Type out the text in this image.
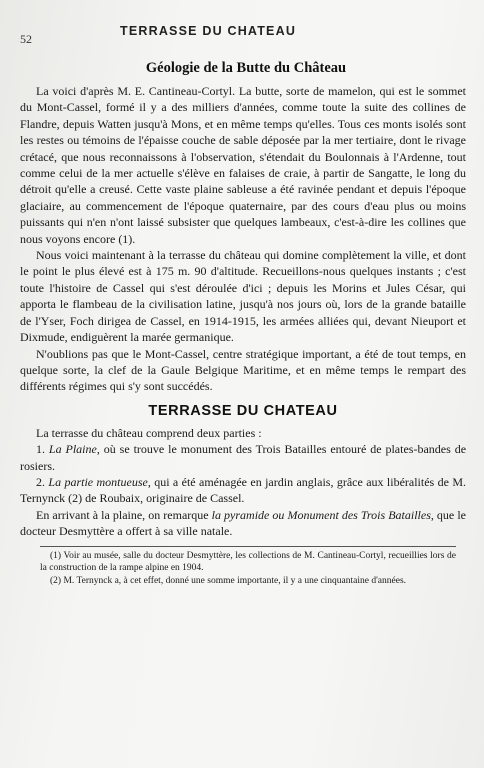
52
TERRASSE DU CHATEAU
Géologie de la Butte du Château

La voici d'après M. E. Cantineau-Cortyl. La butte, sorte de mamelon, qui est le sommet du Mont-Cassel, formé il y a des milliers d'années, comme toute la suite des collines de Flandre, depuis Watten jusqu'à Mons, et en même temps qu'elles. Tous ces monts isolés sont les restes ou témoins de l'épaisse couche de sable déposée par la mer tertiaire, dont le rivage crétacé, que nous reconnaissons à l'observation, s'étendait du Boulonnais à l'Ardenne, tout comme celui de la mer actuelle s'élève en falaises de craie, à partir de Sangatte, le long du détroit qu'elle a creusé. Cette vaste plaine sableuse a été ravinée pendant et depuis l'époque glaciaire, au commencement de l'époque quaternaire, par des cours d'eau plus ou moins puissants qui n'en n'ont laissé subsister que quelques lambeaux, c'est-à-dire les collines que nous voyons encore (1).

Nous voici maintenant à la terrasse du château qui domine complètement la ville, et dont le point le plus élevé est à 175 m. 90 d'altitude. Recueillons-nous quelques instants ; c'est toute l'histoire de Cassel qui s'est déroulée d'ici ; depuis les Morins et Jules César, qui apporta le flambeau de la civilisation latine, jusqu'à nos jours où, lors de la grande bataille de l'Yser, Foch dirigea de Cassel, en 1914-1915, les armées alliées qui, devant Nieuport et Dixmude, endiguèrent la marée germanique.

N'oublions pas que le Mont-Cassel, centre stratégique important, a été de tout temps, en quelque sorte, la clef de la Gaule Belgique Maritime, et en même temps le rempart des différents régimes qui s'y sont succédés.

TERRASSE DU CHATEAU

La terrasse du château comprend deux parties :

1. La Plaine, où se trouve le monument des Trois Batailles entouré de plates-bandes de rosiers.

2. La partie montueuse, qui a été aménagée en jardin anglais, grâce aux libéralités de M. Ternynck (2) de Roubaix, originaire de Cassel.

En arrivant à la plaine, on remarque la pyramide ou Monument des Trois Batailles, que le docteur Desmyttère a offert à sa ville natale.

(1) Voir au musée, salle du docteur Desmyttère, les collections de M. Cantineau-Cortyl, recueillies lors de la construction de la rampe alpine en 1904.

(2) M. Ternynck a, à cet effet, donné une somme importante, il y a une cinquantaine d'années.
